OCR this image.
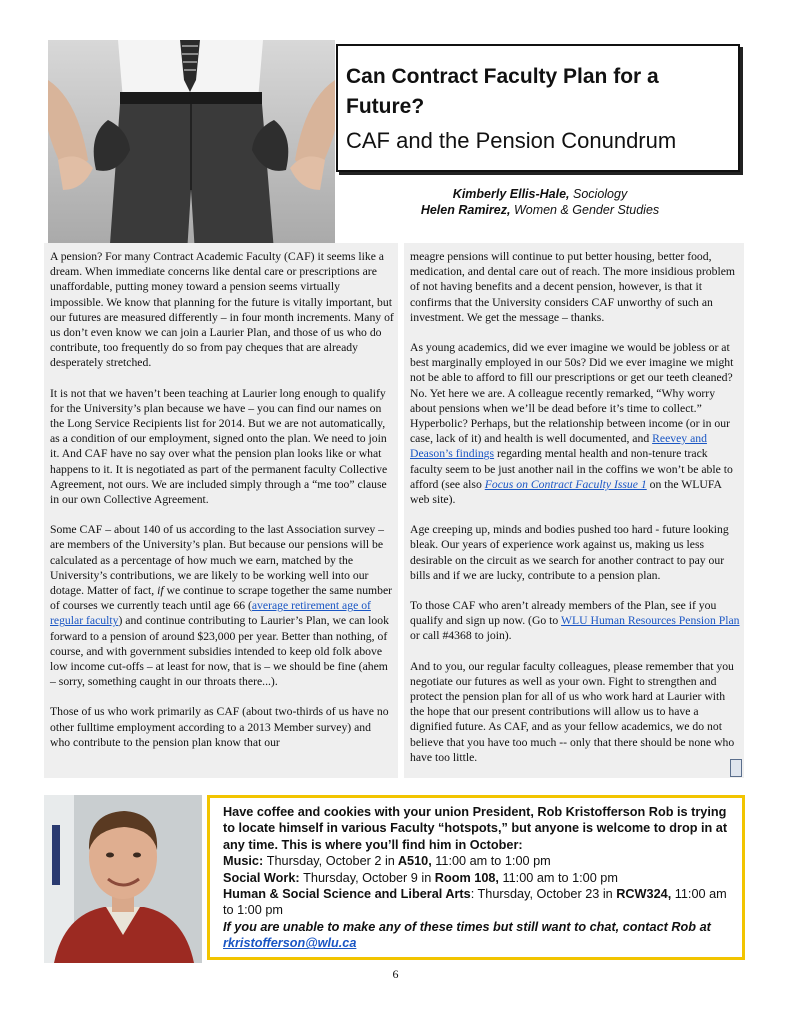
Can Contract Faculty Plan for a Future?
CAF and the Pension Conundrum
Kimberly Ellis-Hale, Sociology
Helen Ramirez, Women & Gender Studies

A pension? For many Contract Academic Faculty (CAF) it seems like a dream. When immediate concerns like dental care or prescriptions are unaffordable, putting money toward a pension seems virtually impossible. We know that planning for the future is vitally important, but our futures are measured differently – in four month increments. Many of us don’t even know we can join a Laurier Plan, and those of us who do contribute, too frequently do so from pay cheques that are already desperately stretched.

It is not that we haven’t been teaching at Laurier long enough to qualify for the University’s plan because we have – you can find our names on the Long Service Recipients list for 2014. But we are not automatically, as a condition of our employment, signed onto the plan. We need to join it. And CAF have no say over what the pension plan looks like or what happens to it. It is negotiated as part of the permanent faculty Collective Agreement, not ours. We are included simply through a “me too” clause in our own Collective Agreement.

Some CAF – about 140 of us according to the last Association survey – are members of the University’s plan. But because our pensions will be calculated as a percentage of how much we earn, matched by the University’s contributions, we are likely to be working well into our dotage. Matter of fact, if we continue to scrape together the same number of courses we currently teach until age 66 (average retirement age of regular faculty) and continue contributing to Laurier’s Plan, we can look forward to a pension of around $23,000 per year. Better than nothing, of course, and with government subsidies intended to keep old folk above low income cut-offs – at least for now, that is – we should be fine (ahem – sorry, something caught in our throats there...).

Those of us who work primarily as CAF (about two-thirds of us have no other fulltime employment according to a 2013 Member survey) and who contribute to the pension plan know that our

meagre pensions will continue to put better housing, better food, medication, and dental care out of reach. The more insidious problem of not having benefits and a decent pension, however, is that it confirms that the University considers CAF unworthy of such an investment. We get the message – thanks.

As young academics, did we ever imagine we would be jobless or at best marginally employed in our 50s? Did we ever imagine we might not be able to afford to fill our prescriptions or get our teeth cleaned? No. Yet here we are. A colleague recently remarked, “Why worry about pensions when we’ll be dead before it’s time to collect.” Hyperbolic? Perhaps, but the relationship between income (or in our case, lack of it) and health is well documented, and Reevey and Deason’s findings regarding mental health and non-tenure track faculty seem to be just another nail in the coffins we won’t be able to afford (see also Focus on Contract Faculty Issue 1 on the WLUFA web site).

Age creeping up, minds and bodies pushed too hard - future looking bleak. Our years of experience work against us, making us less desirable on the circuit as we search for another contract to pay our bills and if we are lucky, contribute to a pension plan.

To those CAF who aren’t already members of the Plan, see if you qualify and sign up now. (Go to WLU Human Resources Pension Plan or call #4368 to join).

And to you, our regular faculty colleagues, please remember that you negotiate our futures as well as your own. Fight to strengthen and protect the pension plan for all of us who work hard at Laurier with the hope that our present contributions will allow us to have a dignified future. As CAF, and as your fellow academics, we do not believe that you have too much -- only that there should be none who have too little.

Have coffee and cookies with your union President, Rob Kristofferson Rob is trying to locate himself in various Faculty “hotspots,” but anyone is welcome to drop in at any time. This is where you’ll find him in October:
Music: Thursday, October 2 in A510, 11:00 am to 1:00 pm
Social Work: Thursday, October 9 in Room 108, 11:00 am to 1:00 pm
Human & Social Science and Liberal Arts: Thursday, October 23 in RCW324, 11:00 am to 1:00 pm
If you are unable to make any of these times but still want to chat, contact Rob at rkristofferson@wlu.ca
6
